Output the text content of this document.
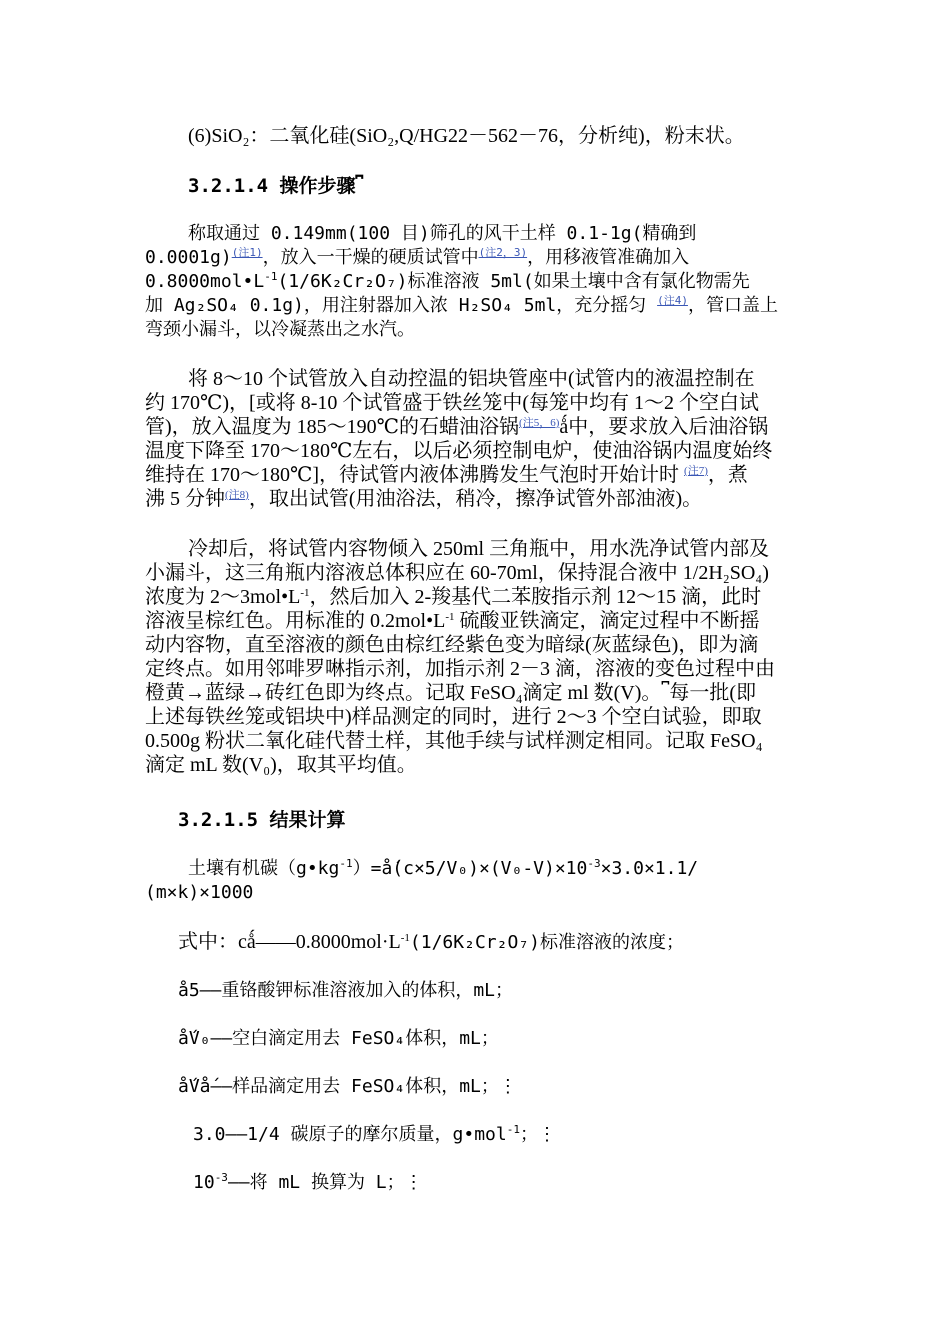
(6)SiO₂：二氧化硅(SiO₂,Q/HG22－562－76，分析纯)，粉末状。
3.2.1.4 操作步骤⎴
称取通过 0.149mm(100 目)筛孔的风干土样 0.1-1g(精确到
0.0001g)$^{(注1)}$，放入一干燥的硬质试管中$^{(注2,3)}$，用移液管准确加入
$0.8000mol•L^{-1}(1/6K_2Cr_2O_7)$标准溶液 5ml(如果土壤中含有氯化物需先
加 Ag₂SO₄ 0.1g)，用注射器加入浓 H₂SO₄ 5ml，充分摇匀 $^{(注4)}$，管口盖上
弯颈小漏斗，以冷凝蒸出之水汽。
将 8～10 个试管放入自动控温的铝块管座中(试管内的液温控制在
约 170℃)，[或将 8-10 个试管盛于铁丝笼中(每笼中均有 1～2 个空白试
管)，放入温度为 185～190℃的石蜡油浴锅$^{(注5,6)}$ǻ中，要求放入后油浴锅
温度下降至 170～180℃左右，以后必须控制电炉，使油浴锅内温度始终
维持在 170～180℃]，待试管内液体沸腾发生气泡时开始计时 $^{(注7)}$，煮
沸 5 分钟$^{(注8)}$，取出试管(用油浴法，稍冷，擦净试管外部油液)。
冷却后，将试管内容物倾入 250ml 三角瓶中，用水洗净试管内部及
小漏斗，这三角瓶内溶液总体积应在 60-70ml，保持混合液中 1/2H₂SO₄)
浓度为 $2\sim 3mol•L^{-1}$，然后加入 2-羧基代二苯胺指示剂 12～15 滴，此时
溶液呈棕红色。用标准的 $0.2mol•L^{-1}$ 硫酸亚铁滴定，滴定过程中不断摇
动内容物，直至溶液的颜色由棕红经紫色变为暗绿(灰蓝绿色)，即为滴
定终点。如用邻啡罗啉指示剂，加指示剂 2－3 滴，溶液的变色过程中由
橙黄→蓝绿→砖红色即为终点。记取 FeSO₄滴定 ml 数(V)。⎴每一批(即
上述每铁丝笼或铝块中)样品测定的同时，进行 2～3 个空白试验，即取
0.500g 粉状二氧化硅代替土样，其他手续与试样测定相同。记取 FeSO₄
滴定 mL 数(V₀)，取其平均值。
3.2.1.5 结果计算
土壤有机碳$(g•kg^{-1})=ǻ(c\times 5/V_0)\times(V_0-V)\times 10^{-3}\times 3.0\times 1.1/$
(m×k)×1000
式中：$cǻ——0.8000mol\cdot L^{-1}(1/6K_2Cr_2O_7)$标准溶液的浓度；
å5——重铬酸钾标准溶液加入的体积，mL；
ǻV₀——空白滴定用去 FeSO₄体积，mL；
ǻVǻ——样品滴定用去 FeSO₄体积，mL；⋮
3.0——1/4 碳原子的摩尔质量，g•mol$^{-1}$；⋮
$10^{-3}——$将 mL 换算为 L；⋮
